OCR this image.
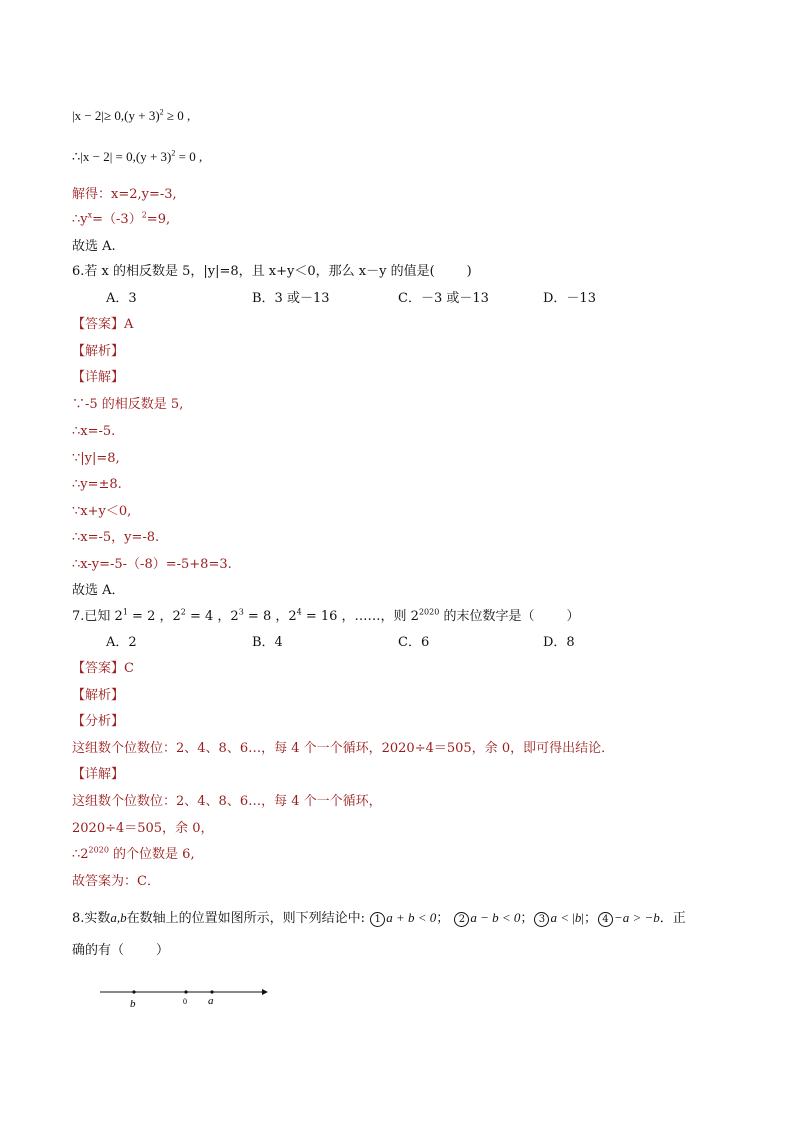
$|x - 2|\ge 0,(y + 3)^2 \ge 0$ ,
∴|x − $2| = 0,(y + 3)^2 = 0$ ,
解得：x=2,y=-3,
$\therefore y^x=(-3)^2=9$,
故选 A.
6.若 x 的相反数是 5，|y|=8，且 x+y＜0，那么 x－y 的值是( )
A．3	B．3 或－13	C．－3 或－13	D．－13
【答案】A
【解析】
【详解】
∵-5 的相反数是 5,
∴x=-5.
∵|y|=8,
∴y=±8.
∵x+y＜0,
∴x=-5，y=-8.
∴x-y=-5-（-8）=-5+8=3.
故选 A．
7.已知 $2^1 = 2$ ，$2^2 = 4$ ，$2^3 = 8$ ，$2^4 = 16$ ，……，则 $2^{2020}$ 的末位数字是（ ）
A．2	B．4	C．6	D．8
【答案】C
【解析】
【分析】
这组数个位数位：2、4、8、6…，每 4 个一个循环，2020÷4＝505，余 0，即可得出结论．
【详解】
这组数个位数位：2、4、8、6…，每 4 个一个循环，
2020÷4＝505，余 0，
$\therefore 2^{2020}$ 的个位数是 6,
故答案为：C．
8.实数a,b在数轴上的位置如图所示，则下列结论中: 1 a + b < 0； 2 a − b < 0； 3 a < |b|； 4 −a > −b．正
确的有（ ）
b	0 a
